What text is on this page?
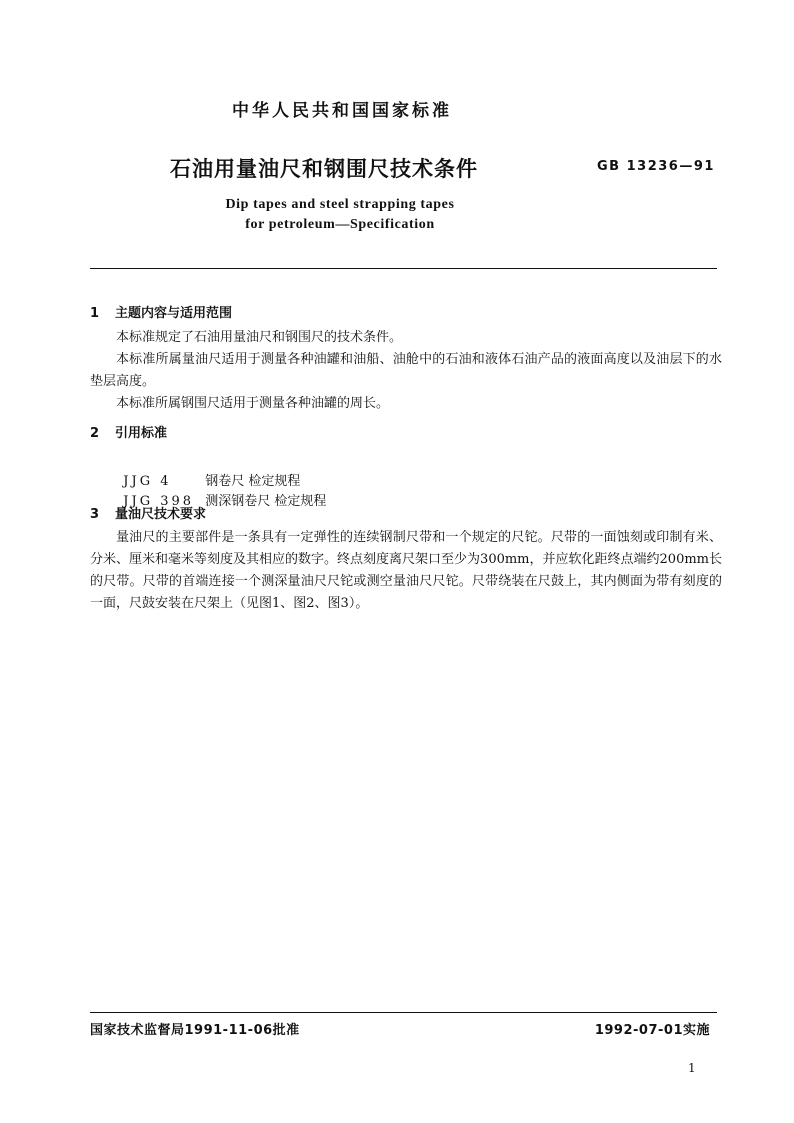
中华人民共和国国家标准
石油用量油尺和钢围尺技术条件	GB 13236—91
Dip tapes and steel strapping tapes
for petroleum—Specification
1 主题内容与适用范围
本标准规定了石油用量油尺和钢围尺的技术条件。
本标准所属量油尺适用于测量各种油罐和油船、油舱中的石油和液体石油产品的液面高度以及油层下的水垫层高度。
本标准所属钢围尺适用于测量各种油罐的周长。
2 引用标准

JJG 4	钢卷尺 检定规程

JJG 398 测深钢卷尺 检定规程

3 量油尺技术要求
量油尺的主要部件是一条具有一定弹性的连续钢制尺带和一个规定的尺铊。尺带的一面蚀刻或印制有米、分米、厘米和毫米等刻度及其相应的数字。终点刻度离尺架口至少为300mm，并应软化距终点端约200mm长的尺带。尺带的首端连接一个测深量油尺尺铊或测空量油尺尺铊。尺带绕装在尺鼓上，其内侧面为带有刻度的一面，尺鼓安装在尺架上（见图1、图2、图3）。
国家技术监督局1991-11-06批准	1992-07-01实施
1
